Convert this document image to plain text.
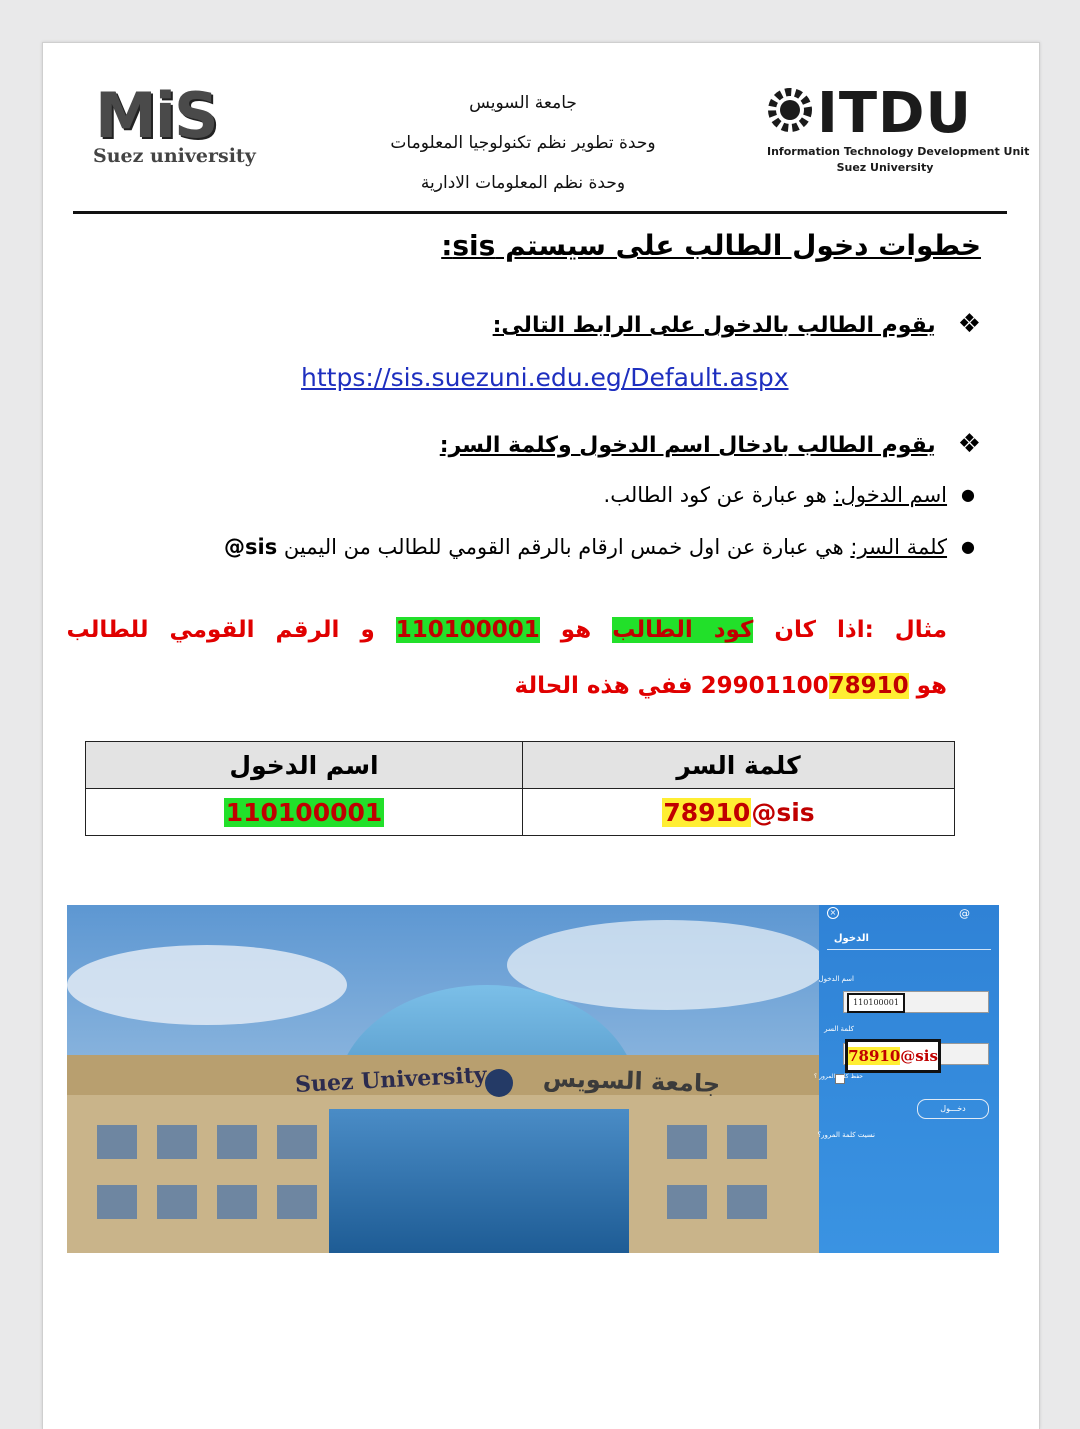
MiS
Suez university
جامعة السويس
وحدة تطوير نظم تكنولوجيا المعلومات
وحدة نظم المعلومات الادارية
ITDU
Information Technology Development Unit
Suez University
خطوات دخول الطالب على سيستم sis:
❖يقوم الطالب بالدخول على الرابط التالى:
https://sis.suezuni.edu.eg/Default.aspx
❖يقوم الطالب بادخال اسم الدخول وكلمة السر:
●اسم الدخول: هو عبارة عن كود الطالب.
●كلمة السر: هي عبارة عن اول خمس ارقام بالرقم القومي للطالب من اليمين sis@
مثال :اذا كان كود الطالب هو 110100001 و الرقم القومي للطالب
هو 2990110078910 ففي هذه الحالة
اسم الدخول	كلمة السر
110100001	78910@sis
Suez University جامعة السويس
×	@
الدخول
اسم الدخول
110100001
كلمة السر
78910@sis
حفظ كلمة المرور ؟
دخـــول
نسيت كلمة المرور؟
